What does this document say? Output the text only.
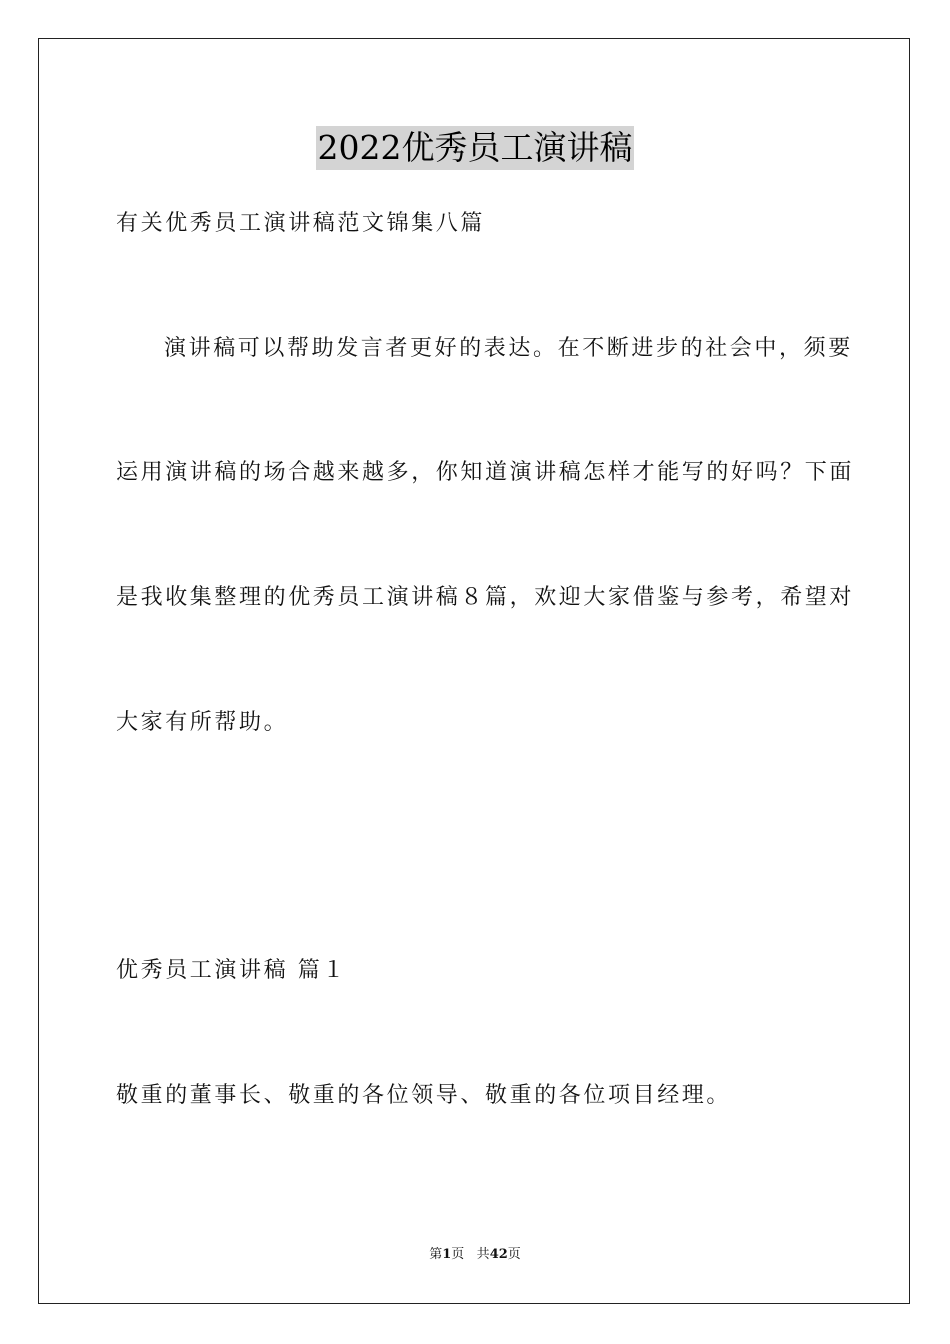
2022优秀员工演讲稿
有关优秀员工演讲稿范文锦集八篇
演讲稿可以帮助发言者更好的表达。在不断进步的社会中，须要
运用演讲稿的场合越来越多，你知道演讲稿怎样才能写的好吗？下面
是我收集整理的优秀员工演讲稿８篇，欢迎大家借鉴与参考，希望对
大家有所帮助。
优秀员工演讲稿 篇１
敬重的董事长、敬重的各位领导、敬重的各位项目经理。
第1页 共42页
